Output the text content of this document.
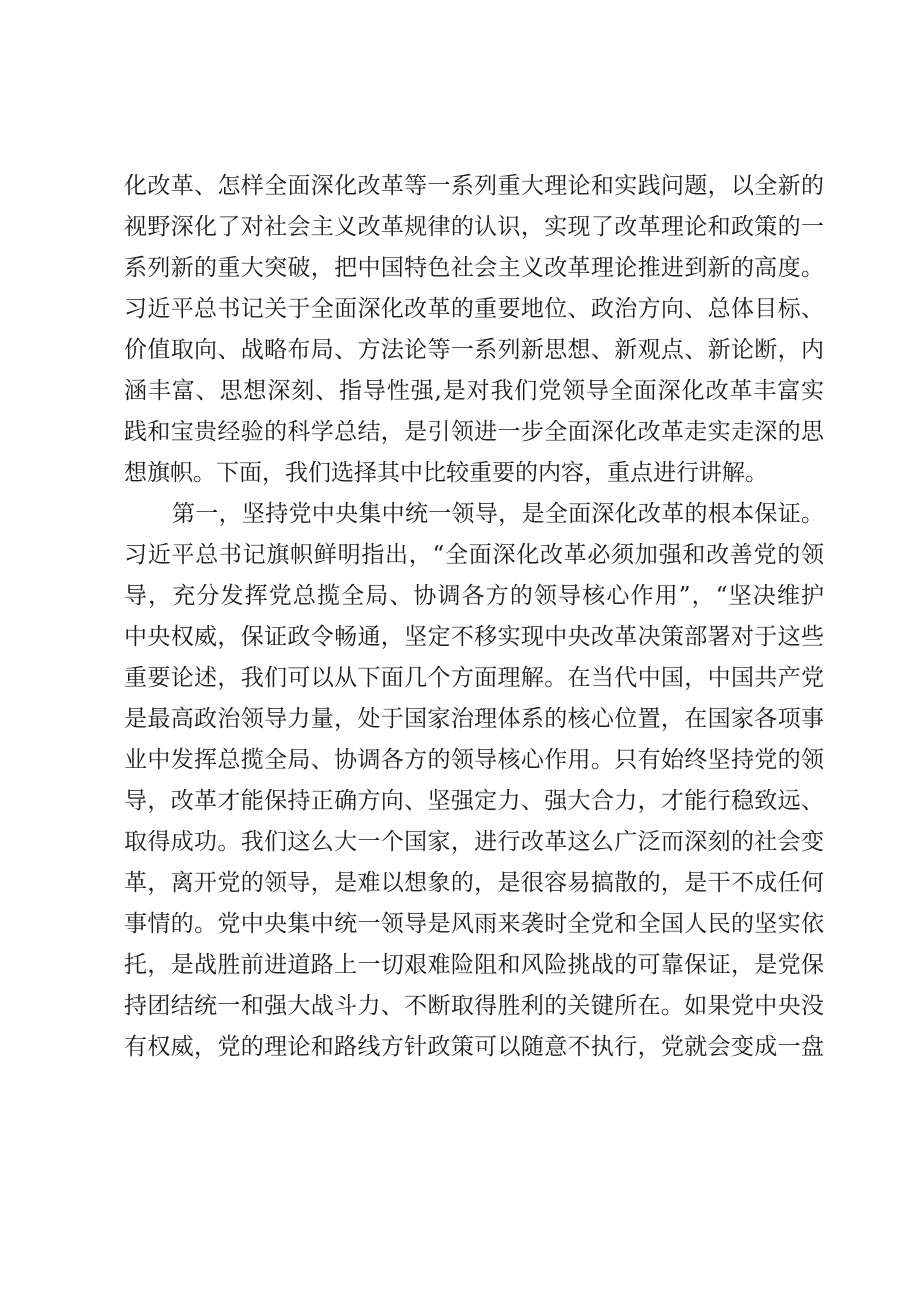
化改革、怎样全面深化改革等一系列重大理论和实践问题，以全新的
视野深化了对社会主义改革规律的认识，实现了改革理论和政策的一
系列新的重大突破，把中国特色社会主义改革理论推进到新的高度。
习近平总书记关于全面深化改革的重要地位、政治方向、总体目标、
价值取向、战略布局、方法论等一系列新思想、新观点、新论断，内
涵丰富、思想深刻、指导性强,是对我们党领导全面深化改革丰富实
践和宝贵经验的科学总结，是引领进一步全面深化改革走实走深的思
想旗帜。下面，我们选择其中比较重要的内容，重点进行讲解。
第一，坚持党中央集中统一领导，是全面深化改革的根本保证。
习近平总书记旗帜鲜明指出，“全面深化改革必须加强和改善党的领
导，充分发挥党总揽全局、协调各方的领导核心作用”，“坚决维护
中央权威，保证政令畅通，坚定不移实现中央改革决策部署对于这些
重要论述，我们可以从下面几个方面理解。在当代中国，中国共产党
是最高政治领导力量，处于国家治理体系的核心位置，在国家各项事
业中发挥总揽全局、协调各方的领导核心作用。只有始终坚持党的领
导，改革才能保持正确方向、坚强定力、强大合力，才能行稳致远、
取得成功。我们这么大一个国家，进行改革这么广泛而深刻的社会变
革，离开党的领导，是难以想象的，是很容易搞散的，是干不成任何
事情的。党中央集中统一领导是风雨来袭时全党和全国人民的坚实依
托，是战胜前进道路上一切艰难险阻和风险挑战的可靠保证，是党保
持团结统一和强大战斗力、不断取得胜利的关键所在。如果党中央没
有权威，党的理论和路线方针政策可以随意不执行，党就会变成一盘
